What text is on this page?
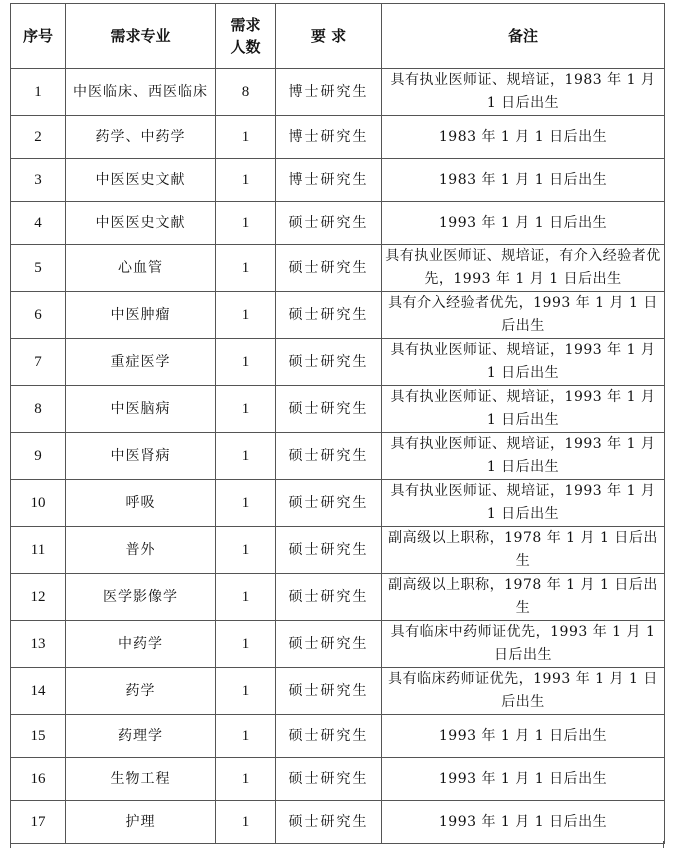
序号	需求专业	需求人数	要 求	备注
1	中医临床、西医临床	8	博士研究生	具有执业医师证、规培证，1983 年 1 月 1 日后出生
2	药学、中药学	1	博士研究生	1983 年 1 月 1 日后出生
3	中医医史文献	1	博士研究生	1983 年 1 月 1 日后出生
4	中医医史文献	1	硕士研究生	1993 年 1 月 1 日后出生
5	心血管	1	硕士研究生	具有执业医师证、规培证，有介入经验者优先，1993 年 1 月 1 日后出生
6	中医肿瘤	1	硕士研究生	具有介入经验者优先，1993 年 1 月 1 日后出生
7	重症医学	1	硕士研究生	具有执业医师证、规培证，1993 年 1 月 1 日后出生
8	中医脑病	1	硕士研究生	具有执业医师证、规培证，1993 年 1 月 1 日后出生
9	中医肾病	1	硕士研究生	具有执业医师证、规培证，1993 年 1 月 1 日后出生
10	呼吸	1	硕士研究生	具有执业医师证、规培证，1993 年 1 月 1 日后出生
11	普外	1	硕士研究生	副高级以上职称，1978 年 1 月 1 日后出生
12	医学影像学	1	硕士研究生	副高级以上职称，1978 年 1 月 1 日后出生
13	中药学	1	硕士研究生	具有临床中药师证优先，1993 年 1 月 1 日后出生
14	药学	1	硕士研究生	具有临床药师证优先，1993 年 1 月 1 日后出生
15	药理学	1	硕士研究生	1993 年 1 月 1 日后出生
16	生物工程	1	硕士研究生	1993 年 1 月 1 日后出生
17	护理	1	硕士研究生	1993 年 1 月 1 日后出生
